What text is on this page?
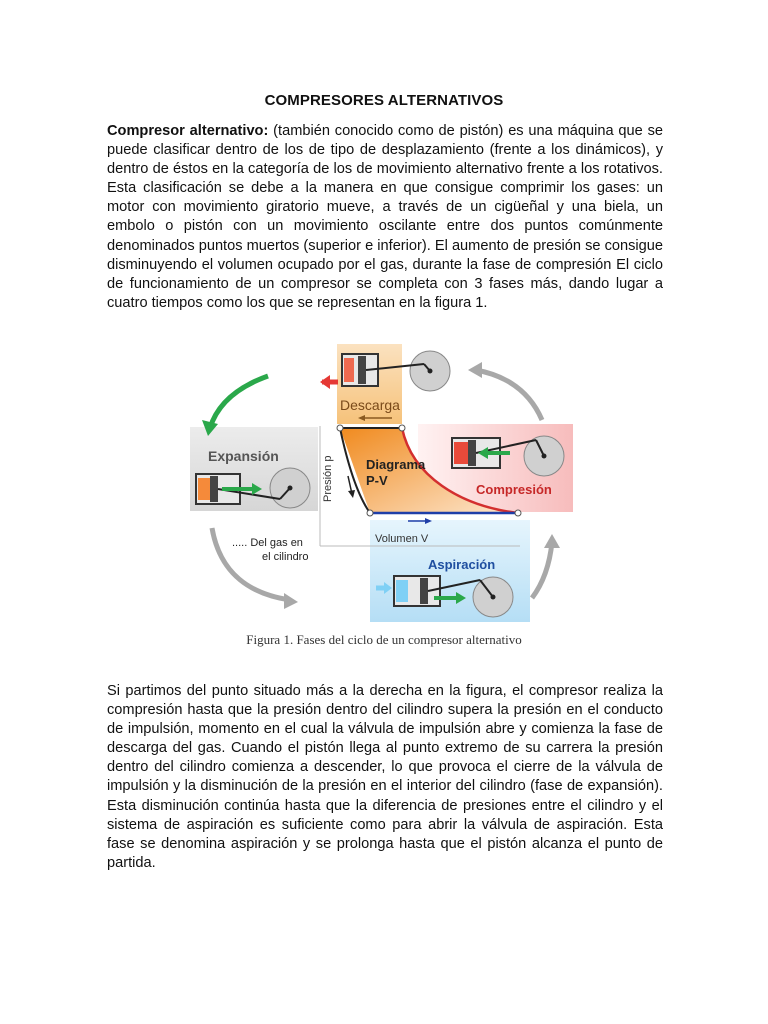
COMPRESORES ALTERNATIVOS

Compresor alternativo: (también conocido como de pistón) es una máquina que se puede clasificar dentro de los de tipo de desplazamiento (frente a los dinámicos), y dentro de éstos en la categoría de los de movimiento alternativo frente a los rotativos. Esta clasificación se debe a la manera en que consigue comprimir los gases: un motor con movimiento giratorio mueve, a través de un cigüeñal y una biela, un embolo o pistón con un movimiento oscilante entre dos puntos comúnmente denominados puntos muertos (superior e inferior). El aumento de presión se consigue disminuyendo el volumen ocupado por el gas, durante la fase de compresión El ciclo de funcionamiento de un compresor se completa con 3 fases más, dando lugar a cuatro tiempos como los que se representan en la figura 1.

Descarga
Expansión
Diagrama
P-V
Presión p
Volumen V
Compresión
Aspiración
..... Del gas en
el cilindro
Figura 1. Fases del ciclo de un compresor alternativo

Si partimos del punto situado más a la derecha en la figura, el compresor realiza la compresión hasta que la presión dentro del cilindro supera la presión en el conducto de impulsión, momento en el cual la válvula de impulsión abre y comienza la fase de descarga del gas. Cuando el pistón llega al punto extremo de su carrera la presión dentro del cilindro comienza a descender, lo que provoca el cierre de la válvula de impulsión y la disminución de la presión en el interior del cilindro (fase de expansión). Esta disminución continúa hasta que la diferencia de presiones entre el cilindro y el sistema de aspiración es suficiente como para abrir la válvula de aspiración. Esta fase se denomina aspiración y se prolonga hasta que el pistón alcanza el punto de partida.
